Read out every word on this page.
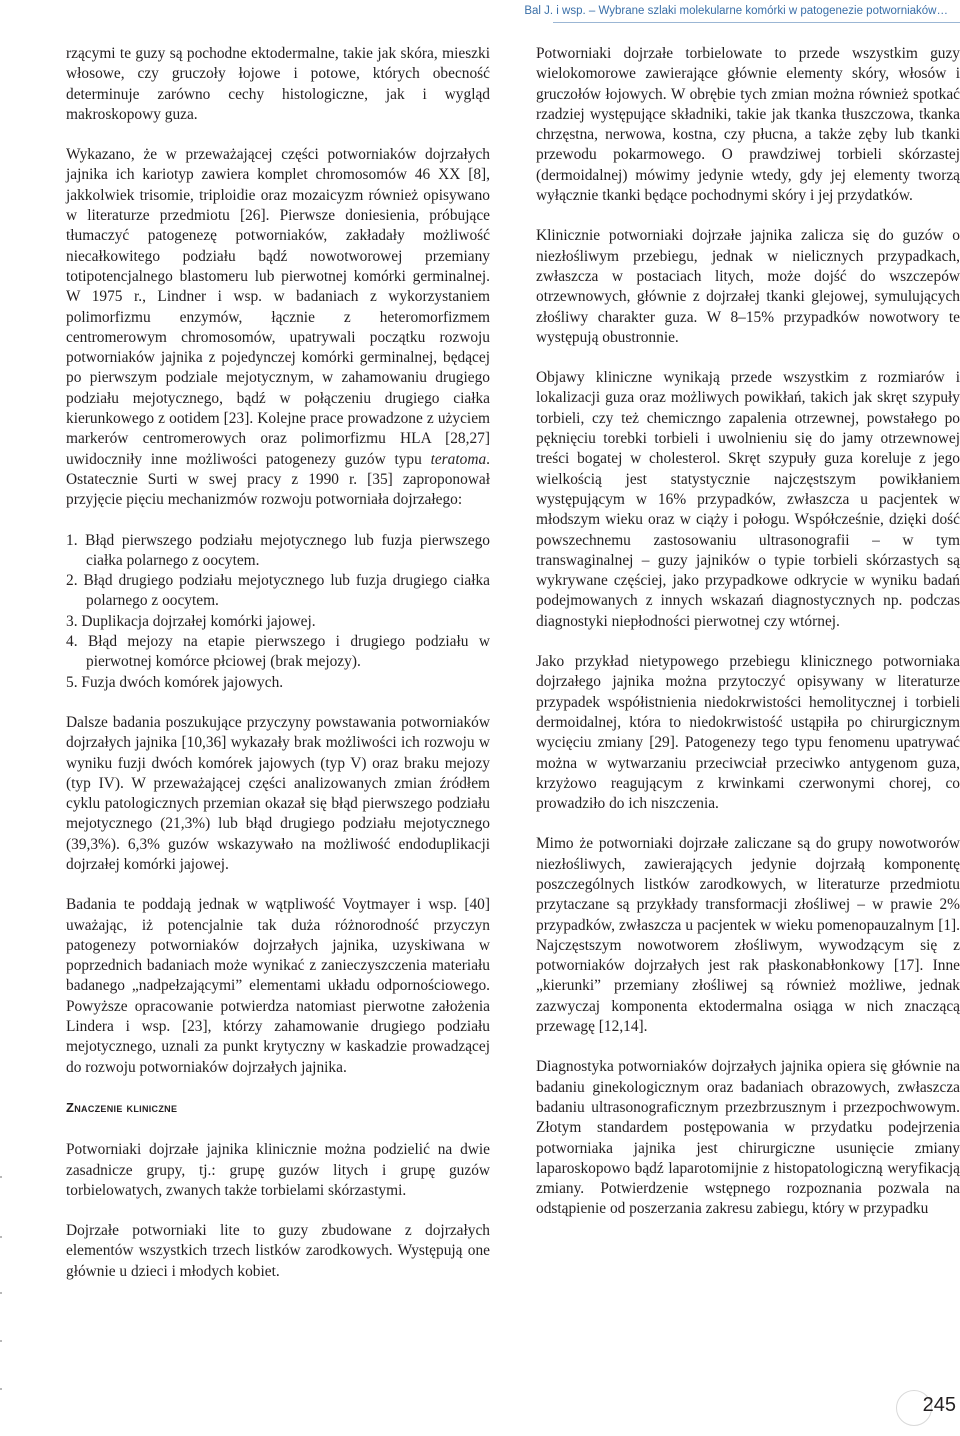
Bal J. i wsp. – Wybrane szlaki molekularne komórki w patogenezie potworniaków…

rzącymi te guzy są pochodne ektodermalne, takie jak skóra, mieszki włosowe, czy gruczoły łojowe i potowe, których obecność determinuje zarówno cechy histologiczne, jak i wygląd makroskopowy guza.

Wykazano, że w przeważającej części potworniaków dojrzałych jajnika ich kariotyp zawiera komplet chromosomów 46 XX [8], jakkolwiek trisomie, triploidie oraz mozaicyzm również opisywano w literaturze przedmiotu [26]. Pierwsze doniesienia, próbujące tłumaczyć patogenezę potworniaków, zakładały możliwość niecałkowitego podziału bądź nowotworowej przemiany totipotencjalnego blastomeru lub pierwotnej komórki germinalnej. W 1975 r., Lindner i wsp. w badaniach z wykorzystaniem polimorfizmu enzymów, łącznie z heteromorfizmem centromerowym chromosomów, upatrywali początku rozwoju potworniaków jajnika z pojedynczej komórki germinalnej, będącej po pierwszym podziale mejotycznym, w zahamowaniu drugiego podziału mejotycznego, bądź w połączeniu drugiego ciałka kierunkowego z ootidem [23]. Kolejne prace prowadzone z użyciem markerów centromerowych oraz polimorfizmu HLA [28,27] uwidoczniły inne możliwości patogenezy guzów typu teratoma. Ostatecznie Surti w swej pracy z 1990 r. [35] zaproponował przyjęcie pięciu mechanizmów rozwoju potworniała dojrzałego:

1. Błąd pierwszego podziału mejotycznego lub fuzja pierwszego ciałka polarnego z oocytem.
2. Błąd drugiego podziału mejotycznego lub fuzja drugiego ciałka polarnego z oocytem.
3. Duplikacja dojrzałej komórki jajowej.
4. Błąd mejozy na etapie pierwszego i drugiego podziału w pierwotnej komórce płciowej (brak mejozy).
5. Fuzja dwóch komórek jajowych.

Dalsze badania poszukujące przyczyny powstawania potworniaków dojrzałych jajnika [10,36] wykazały brak możliwości ich rozwoju w wyniku fuzji dwóch komórek jajowych (typ V) oraz braku mejozy (typ IV). W przeważającej części analizowanych zmian źródłem cyklu patologicznych przemian okazał się błąd pierwszego podziału mejotycznego (21,3%) lub błąd drugiego podziału mejotycznego (39,3%). 6,3% guzów wskazywało na możliwość endoduplikacji dojrzałej komórki jajowej.

Badania te poddają jednak w wątpliwość Voytmayer i wsp. [40] uważając, iż potencjalnie tak duża różnorodność przyczyn patogenezy potworniaków dojrzałych jajnika, uzyskiwana w poprzednich badaniach może wynikać z zanieczyszczenia materiału badanego „nadpełzającymi” elementami układu odpornościowego. Powyższe opracowanie potwierdza natomiast pierwotne założenia Lindera i wsp. [23], którzy zahamowanie drugiego podziału mejotycznego, uznali za punkt krytyczny w kaskadzie prowadzącej do rozwoju potworniaków dojrzałych jajnika.

Znaczenie kliniczne

Potworniaki dojrzałe jajnika klinicznie można podzielić na dwie zasadnicze grupy, tj.: grupę guzów litych i grupę guzów torbielowatych, zwanych także torbielami skórzastymi.

Dojrzałe potworniaki lite to guzy zbudowane z dojrzałych elementów wszystkich trzech listków zarodkowych. Występują one głównie u dzieci i młodych kobiet.

Potworniaki dojrzałe torbielowate to przede wszystkim guzy wielokomorowe zawierające głównie elementy skóry, włosów i gruczołów łojowych. W obrębie tych zmian można również spotkać rzadziej występujące składniki, takie jak tkanka tłuszczowa, tkanka chrzęstna, nerwowa, kostna, czy płucna, a także zęby lub tkanki przewodu pokarmowego. O prawdziwej torbieli skórzastej (dermoidalnej) mówimy jedynie wtedy, gdy jej elementy tworzą wyłącznie tkanki będące pochodnymi skóry i jej przydatków.

Klinicznie potworniaki dojrzałe jajnika zalicza się do guzów o niezłośliwym przebiegu, jednak w nielicznych przypadkach, zwłaszcza w postaciach litych, może dojść do wszczepów otrzewnowych, głównie z dojrzałej tkanki glejowej, symulujących złośliwy charakter guza. W 8–15% przypadków nowotwory te występują obustronnie.

Objawy kliniczne wynikają przede wszystkim z rozmiarów i lokalizacji guza oraz możliwych powikłań, takich jak skręt szypuły torbieli, czy też chemiczngo zapalenia otrzewnej, powstałego po pęknięciu torebki torbieli i uwolnieniu się do jamy otrzewnowej treści bogatej w cholesterol. Skręt szypuły guza koreluje z jego wielkością jest statystycznie najczęstszym powikłaniem występującym w 16% przypadków, zwłaszcza u pacjentek w młodszym wieku oraz w ciąży i połogu. Współcześnie, dzięki dość powszechnemu zastosowaniu ultrasonografii – w tym transwaginalnej – guzy jajników o typie torbieli skórzastych są wykrywane częściej, jako przypadkowe odkrycie w wyniku badań podejmowanych z innych wskazań diagnostycznych np. podczas diagnostyki niepłodności pierwotnej czy wtórnej.

Jako przykład nietypowego przebiegu klinicznego potworniaka dojrzałego jajnika można przytoczyć opisywany w literaturze przypadek współistnienia niedokrwistości hemolitycznej i torbieli dermoidalnej, która to niedokrwistość ustąpiła po chirurgicznym wycięciu zmiany [29]. Patogenezy tego typu fenomenu upatrywać można w wytwarzaniu przeciwciał przeciwko antygenom guza, krzyżowo reagującym z krwinkami czerwonymi chorej, co prowadziło do ich niszczenia.

Mimo że potworniaki dojrzałe zaliczane są do grupy nowotworów niezłośliwych, zawierających jedynie dojrzałą komponentę poszczególnych listków zarodkowych, w literaturze przedmiotu przytaczane są przykłady transformacji złośliwej – w prawie 2% przypadków, zwłaszcza u pacjentek w wieku pomenopauzalnym [1]. Najczęstszym nowotworem złośliwym, wywodzącym się z potworniaków dojrzałych jest rak płaskonabłonkowy [17]. Inne „kierunki” przemiany złośliwej są również możliwe, jednak zazwyczaj komponenta ektodermalna osiąga w nich znaczącą przewagę [12,14].

Diagnostyka potworniaków dojrzałych jajnika opiera się głównie na badaniu ginekologicznym oraz badaniach obrazowych, zwłaszcza badaniu ultrasonograficznym przezbrzusznym i przezpochwowym. Złotym standardem postępowania w przydatku podejrzenia potworniaka jajnika jest chirurgiczne usunięcie zmiany laparoskopowo bądź laparotomijnie z histopatologiczną weryfikacją zmiany. Potwierdzenie wstępnego rozpoznania pozwala na odstąpienie od poszerzania zakresu zabiegu, który w przypadku

245
